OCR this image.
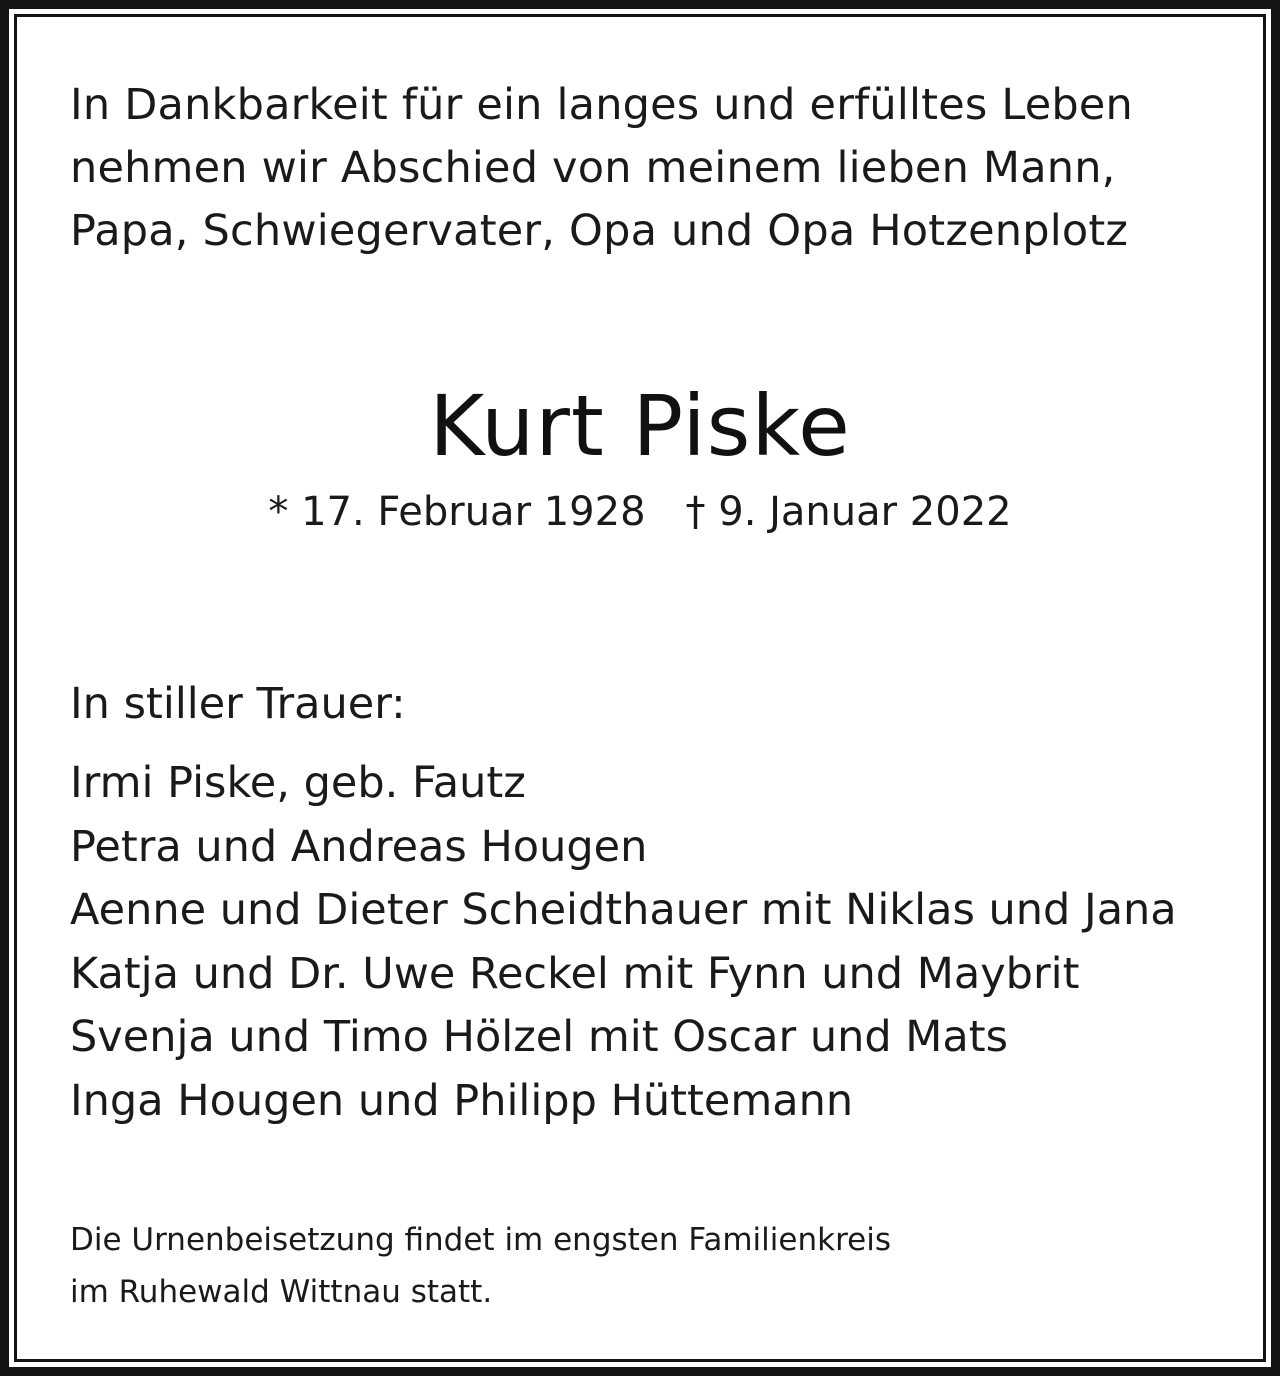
In Dankbarkeit für ein langes und erfülltes Leben
nehmen wir Abschied von meinem lieben Mann,
Papa, Schwiegervater, Opa und Opa Hotzenplotz
Kurt Piske
* 17. Februar 1928 † 9. Januar 2022
In stiller Trauer:
Irmi Piske, geb. Fautz
Petra und Andreas Hougen
Aenne und Dieter Scheidthauer mit Niklas und Jana
Katja und Dr. Uwe Reckel mit Fynn und Maybrit
Svenja und Timo Hölzel mit Oscar und Mats
Inga Hougen und Philipp Hüttemann
Die Urnenbeisetzung findet im engsten Familienkreis
im Ruhewald Wittnau statt.
